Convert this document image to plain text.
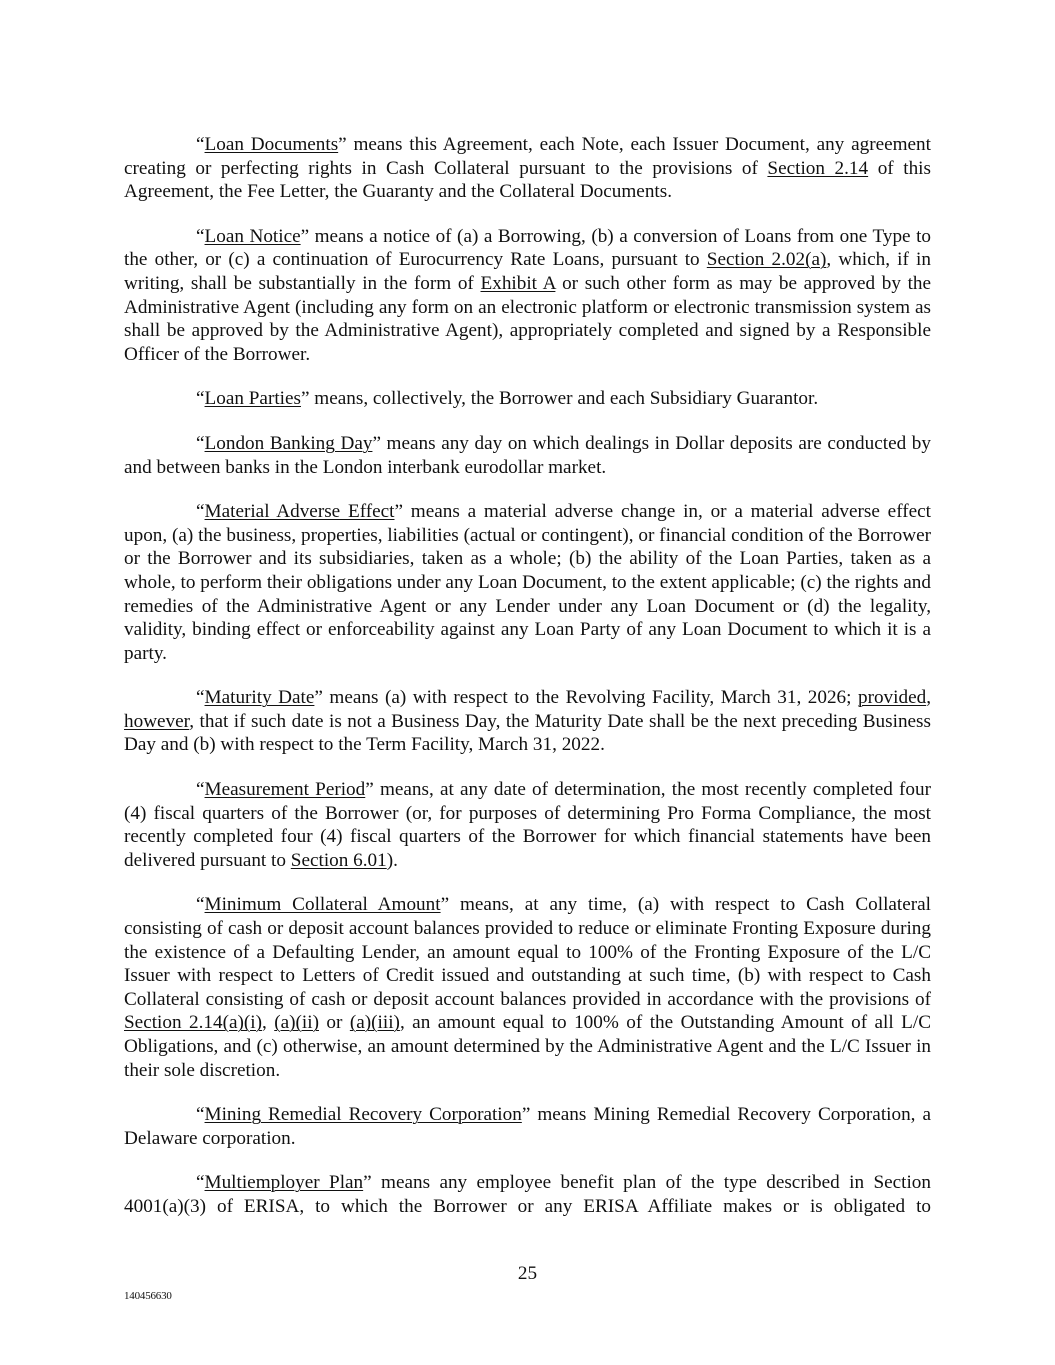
“Loan Documents” means this Agreement, each Note, each Issuer Document, any agreement creating or perfecting rights in Cash Collateral pursuant to the provisions of Section 2.14 of this Agreement, the Fee Letter, the Guaranty and the Collateral Documents.

“Loan Notice” means a notice of (a) a Borrowing, (b) a conversion of Loans from one Type to the other, or (c) a continuation of Eurocurrency Rate Loans, pursuant to Section 2.02(a), which, if in writing, shall be substantially in the form of Exhibit A or such other form as may be approved by the Administrative Agent (including any form on an electronic platform or electronic transmission system as shall be approved by the Administrative Agent), appropriately completed and signed by a Responsible Officer of the Borrower.

“Loan Parties” means, collectively, the Borrower and each Subsidiary Guarantor.

“London Banking Day” means any day on which dealings in Dollar deposits are conducted by and between banks in the London interbank eurodollar market.

“Material Adverse Effect” means a material adverse change in, or a material adverse effect upon, (a) the business, properties, liabilities (actual or contingent), or financial condition of the Borrower or the Borrower and its subsidiaries, taken as a whole; (b) the ability of the Loan Parties, taken as a whole, to perform their obligations under any Loan Document, to the extent applicable; (c) the rights and remedies of the Administrative Agent or any Lender under any Loan Document or (d) the legality, validity, binding effect or enforceability against any Loan Party of any Loan Document to which it is a party.

“Maturity Date” means (a) with respect to the Revolving Facility, March 31, 2026; provided, however, that if such date is not a Business Day, the Maturity Date shall be the next preceding Business Day and (b) with respect to the Term Facility, March 31, 2022.

“Measurement Period” means, at any date of determination, the most recently completed four (4) fiscal quarters of the Borrower (or, for purposes of determining Pro Forma Compliance, the most recently completed four (4) fiscal quarters of the Borrower for which financial statements have been delivered pursuant to Section 6.01).

“Minimum Collateral Amount” means, at any time, (a) with respect to Cash Collateral consisting of cash or deposit account balances provided to reduce or eliminate Fronting Exposure during the existence of a Defaulting Lender, an amount equal to 100% of the Fronting Exposure of the L/C Issuer with respect to Letters of Credit issued and outstanding at such time, (b) with respect to Cash Collateral consisting of cash or deposit account balances provided in accordance with the provisions of Section 2.14(a)(i), (a)(ii) or (a)(iii), an amount equal to 100% of the Outstanding Amount of all L/C Obligations, and (c) otherwise, an amount determined by the Administrative Agent and the L/C Issuer in their sole discretion.

“Mining Remedial Recovery Corporation” means Mining Remedial Recovery Corporation, a Delaware corporation.

“Multiemployer Plan” means any employee benefit plan of the type described in Section 4001(a)(3) of ERISA, to which the Borrower or any ERISA Affiliate makes or is obligated to

25
140456630
